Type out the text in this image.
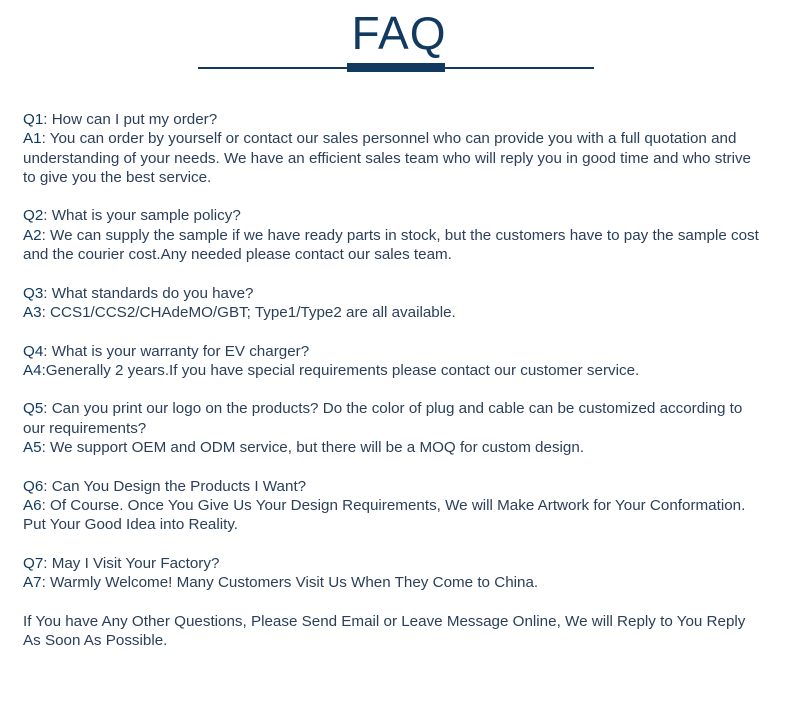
FAQ
Q1: How can I put my order?
A1: You can order by yourself or contact our sales personnel who can provide you with a full quotation and understanding of your needs. We have an efficient sales team who will reply you in good time and who strive to give you the best service.
Q2: What is your sample policy?
A2: We can supply the sample if we have ready parts in stock, but the customers have to pay the sample cost and the courier cost.Any needed please contact our sales team.
Q3: What standards do you have?
A3: CCS1/CCS2/CHAdeMO/GBT; Type1/Type2 are all available.
Q4: What is your warranty for EV charger?
A4:Generally 2 years.If you have special requirements please contact our customer service.
Q5: Can you print our logo on the products? Do the color of plug and cable can be customized according to our requirements?
A5: We support OEM and ODM service, but there will be a MOQ for custom design.
Q6: Can You Design the Products I Want?
A6: Of Course. Once You Give Us Your Design Requirements, We will Make Artwork for Your Conformation. Put Your Good Idea into Reality.
Q7: May I Visit Your Factory?
A7: Warmly Welcome! Many Customers Visit Us When They Come to China.

If You have Any Other Questions, Please Send Email or Leave Message Online, We will Reply to You Reply As Soon As Possible.
